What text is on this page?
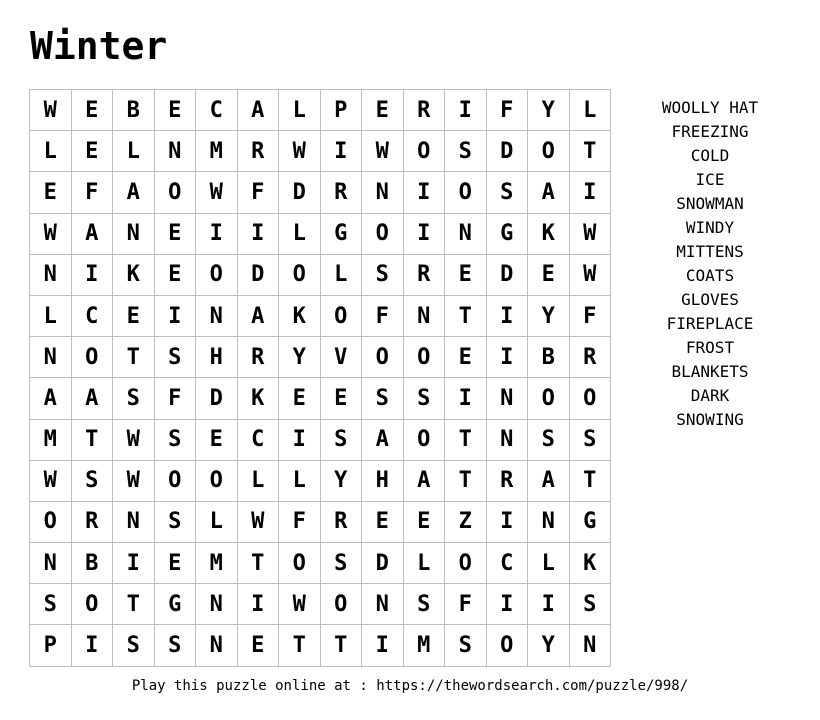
Winter
W	E	B	E	C	A	L	P	E	R	I	F	Y	L
L	E	L	N	M	R	W	I	W	O	S	D	O	T
E	F	A	O	W	F	D	R	N	I	O	S	A	I
W	A	N	E	I	I	L	G	O	I	N	G	K	W
N	I	K	E	O	D	O	L	S	R	E	D	E	W
L	C	E	I	N	A	K	O	F	N	T	I	Y	F
N	O	T	S	H	R	Y	V	O	O	E	I	B	R
A	A	S	F	D	K	E	E	S	S	I	N	O	O
M	T	W	S	E	C	I	S	A	O	T	N	S	S
W	S	W	O	O	L	L	Y	H	A	T	R	A	T
O	R	N	S	L	W	F	R	E	E	Z	I	N	G
N	B	I	E	M	T	O	S	D	L	O	C	L	K
S	O	T	G	N	I	W	O	N	S	F	I	I	S
P	I	S	S	N	E	T	T	I	M	S	O	Y	N
WOOLLY HAT
FREEZING
COLD
ICE
SNOWMAN
WINDY
MITTENS
COATS
GLOVES
FIREPLACE
FROST
BLANKETS
DARK
SNOWING
Play this puzzle online at : https://thewordsearch.com/puzzle/998/
